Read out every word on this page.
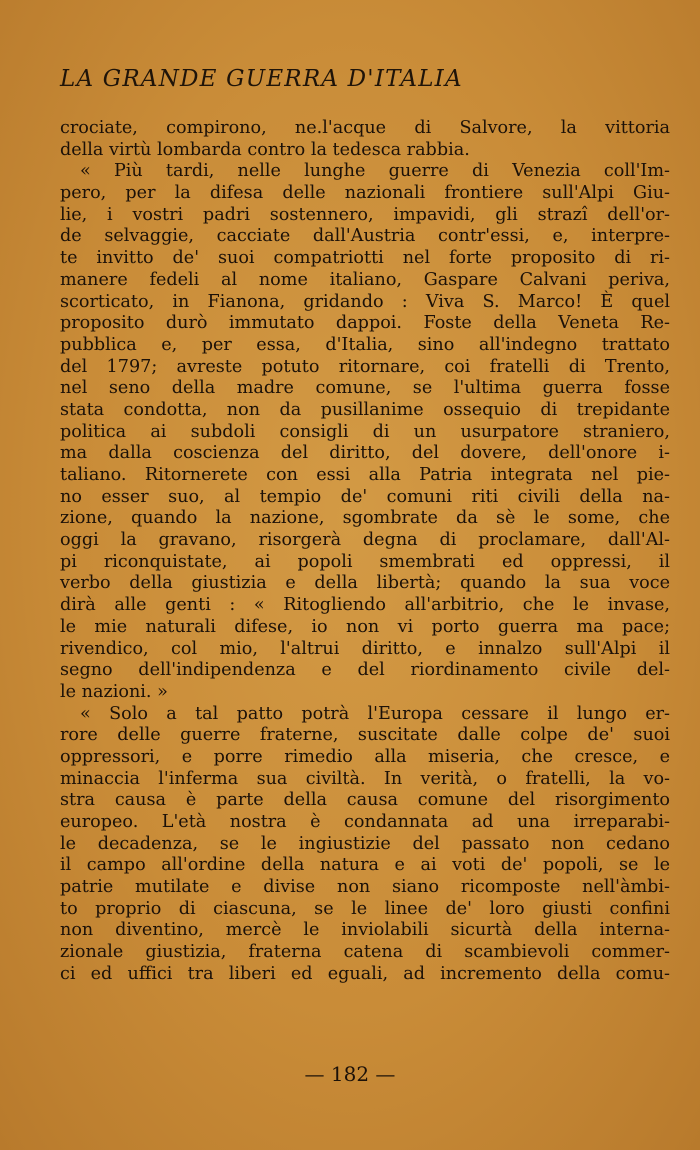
LA GRANDE GUERRA D'ITALIA
crociate, compirono, ne.l'acque di Salvore, la vittoria
della virtù lombarda contro la tedesca rabbia.
« Più tardi, nelle lunghe guerre di Venezia coll'Im-
pero, per la difesa delle nazionali frontiere sull'Alpi Giu-
lie, i vostri padri sostennero, impavidi, gli strazî dell'or-
de selvaggie, cacciate dall'Austria contr'essi, e, interpre-
te invitto de' suoi compatriotti nel forte proposito di ri-
manere fedeli al nome italiano, Gaspare Calvani periva,
scorticato, in Fianona, gridando : Viva S. Marco! È quel
proposito durò immutato dappoi. Foste della Veneta Re-
pubblica e, per essa, d'Italia, sino all'indegno trattato
del 1797; avreste potuto ritornare, coi fratelli di Trento,
nel seno della madre comune, se l'ultima guerra fosse
stata condotta, non da pusillanime ossequio di trepidante
politica ai subdoli consigli di un usurpatore straniero,
ma dalla coscienza del diritto, del dovere, dell'onore i-
taliano. Ritornerete con essi alla Patria integrata nel pie-
no esser suo, al tempio de' comuni riti civili della na-
zione, quando la nazione, sgombrate da sè le some, che
oggi la gravano, risorgerà degna di proclamare, dall'Al-
pi riconquistate, ai popoli smembrati ed oppressi, il
verbo della giustizia e della libertà; quando la sua voce
dirà alle genti : « Ritogliendo all'arbitrio, che le invase,
le mie naturali difese, io non vi porto guerra ma pace;
rivendico, col mio, l'altrui diritto, e innalzo sull'Alpi il
segno dell'indipendenza e del riordinamento civile del-
le nazioni. »
« Solo a tal patto potrà l'Europa cessare il lungo er-
rore delle guerre fraterne, suscitate dalle colpe de' suoi
oppressori, e porre rimedio alla miseria, che cresce, e
minaccia l'inferma sua civiltà. In verità, o fratelli, la vo-
stra causa è parte della causa comune del risorgimento
europeo. L'età nostra è condannata ad una irreparabi-
le decadenza, se le ingiustizie del passato non cedano
il campo all'ordine della natura e ai voti de' popoli, se le
patrie mutilate e divise non siano ricomposte nell'àmbi-
to proprio di ciascuna, se le linee de' loro giusti confini
non diventino, mercè le inviolabili sicurtà della interna-
zionale giustizia, fraterna catena di scambievoli commer-
ci ed uffici tra liberi ed eguali, ad incremento della comu-
— 182 —
